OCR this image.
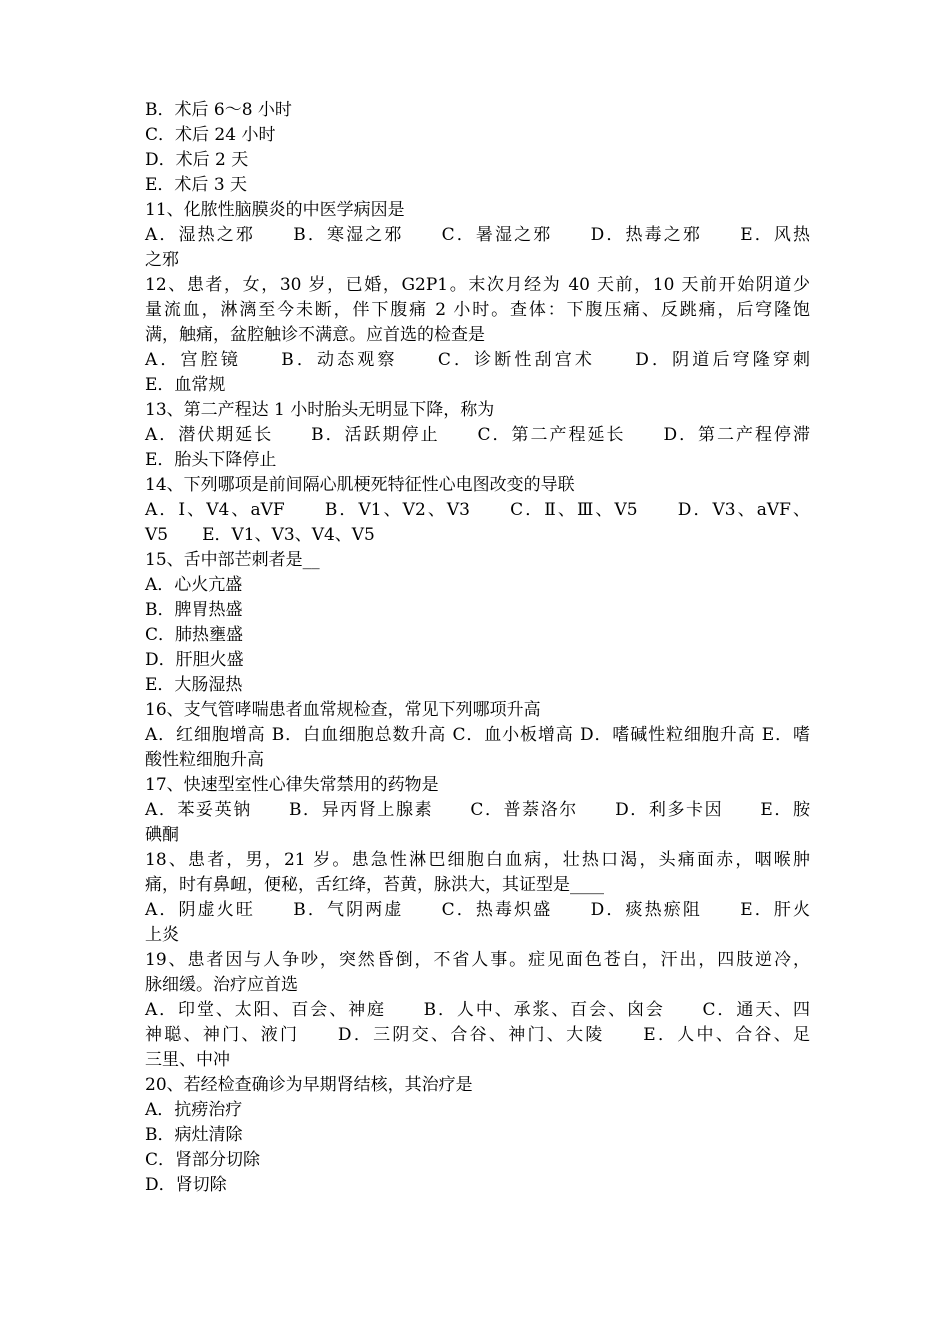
B．术后 6～8 小时
C．术后 24 小时
D．术后 2 天
E．术后 3 天
11、化脓性脑膜炎的中医学病因是
A．湿热之邪　　B．寒湿之邪　　C．暑湿之邪　　D．热毒之邪　　E．风热
之邪
12、患者，女，30 岁，已婚，G2P1。末次月经为 40 天前，10 天前开始阴道少
量流血，淋漓至今未断，伴下腹痛 2 小时。查体：下腹压痛、反跳痛，后穹隆饱
满，触痛，盆腔触诊不满意。应首选的检查是
A．宫腔镜　　B．动态观察　　C．诊断性刮宫术　　D．阴道后穹隆穿刺
E．血常规
13、第二产程达 1 小时胎头无明显下降，称为
A．潜伏期延长　　B．活跃期停止　　C．第二产程延长　　D．第二产程停滞
E．胎头下降停止
14、下列哪项是前间隔心肌梗死特征性心电图改变的导联
A．Ⅰ、V4、aVF　　B．V1、V2、V3　　C．Ⅱ、Ⅲ、V5　　D．V3、aVF、
V5　　E．V1、V3、V4、V5
15、舌中部芒刺者是__
A．心火亢盛
B．脾胃热盛
C．肺热壅盛
D．肝胆火盛
E．大肠湿热
16、支气管哮喘患者血常规检查，常见下列哪项升高
A．红细胞增高 B．白血细胞总数升高 C．血小板增高 D．嗜碱性粒细胞升高 E．嗜
酸性粒细胞升高
17、快速型室性心律失常禁用的药物是
A．苯妥英钠　　B．异丙肾上腺素　　C．普萘洛尔　　D．利多卡因　　E．胺
碘酮
18、患者，男，21 岁。患急性淋巴细胞白血病，壮热口渴，头痛面赤，咽喉肿
痛，时有鼻衄，便秘，舌红绛，苔黄，脉洪大，其证型是____
A．阴虚火旺　　B．气阴两虚　　C．热毒炽盛　　D．痰热瘀阻　　E．肝火
上炎
19、患者因与人争吵，突然昏倒，不省人事。症见面色苍白，汗出，四肢逆冷，
脉细缓。治疗应首选
A．印堂、太阳、百会、神庭　　B．人中、承浆、百会、囟会　　C．通天、四
神聪、神门、液门　　D．三阴交、合谷、神门、大陵　　E．人中、合谷、足
三里、中冲
20、若经检查确诊为早期肾结核，其治疗是
A．抗痨治疗
B．病灶清除
C．肾部分切除
D．肾切除
